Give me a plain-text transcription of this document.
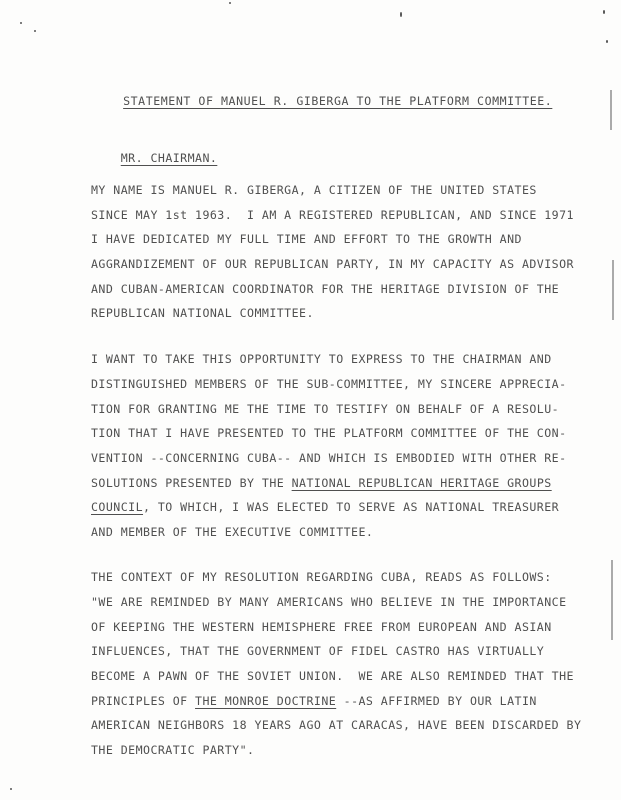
STATEMENT OF MANUEL R. GIBERGA TO THE PLATFORM COMMITTEE.

MR. CHAIRMAN.

MY NAME IS MANUEL R. GIBERGA, A CITIZEN OF THE UNITED STATES
SINCE MAY 1st 1963.  I AM A REGISTERED REPUBLICAN, AND SINCE 1971
I HAVE DEDICATED MY FULL TIME AND EFFORT TO THE GROWTH AND
AGGRANDIZEMENT OF OUR REPUBLICAN PARTY, IN MY CAPACITY AS ADVISOR
AND CUBAN-AMERICAN COORDINATOR FOR THE HERITAGE DIVISION OF THE
REPUBLICAN NATIONAL COMMITTEE.
I WANT TO TAKE THIS OPPORTUNITY TO EXPRESS TO THE CHAIRMAN AND
DISTINGUISHED MEMBERS OF THE SUB-COMMITTEE, MY SINCERE APPRECIA-
TION FOR GRANTING ME THE TIME TO TESTIFY ON BEHALF OF A RESOLU-
TION THAT I HAVE PRESENTED TO THE PLATFORM COMMITTEE OF THE CON-
VENTION --CONCERNING CUBA-- AND WHICH IS EMBODIED WITH OTHER RE-
SOLUTIONS PRESENTED BY THE NATIONAL REPUBLICAN HERITAGE GROUPS
COUNCIL, TO WHICH, I WAS ELECTED TO SERVE AS NATIONAL TREASURER
AND MEMBER OF THE EXECUTIVE COMMITTEE.
THE CONTEXT OF MY RESOLUTION REGARDING CUBA, READS AS FOLLOWS:
"WE ARE REMINDED BY MANY AMERICANS WHO BELIEVE IN THE IMPORTANCE
OF KEEPING THE WESTERN HEMISPHERE FREE FROM EUROPEAN AND ASIAN
INFLUENCES, THAT THE GOVERNMENT OF FIDEL CASTRO HAS VIRTUALLY
BECOME A PAWN OF THE SOVIET UNION.  WE ARE ALSO REMINDED THAT THE
PRINCIPLES OF THE MONROE DOCTRINE --AS AFFIRMED BY OUR LATIN
AMERICAN NEIGHBORS 18 YEARS AGO AT CARACAS, HAVE BEEN DISCARDED BY
THE DEMOCRATIC PARTY".
